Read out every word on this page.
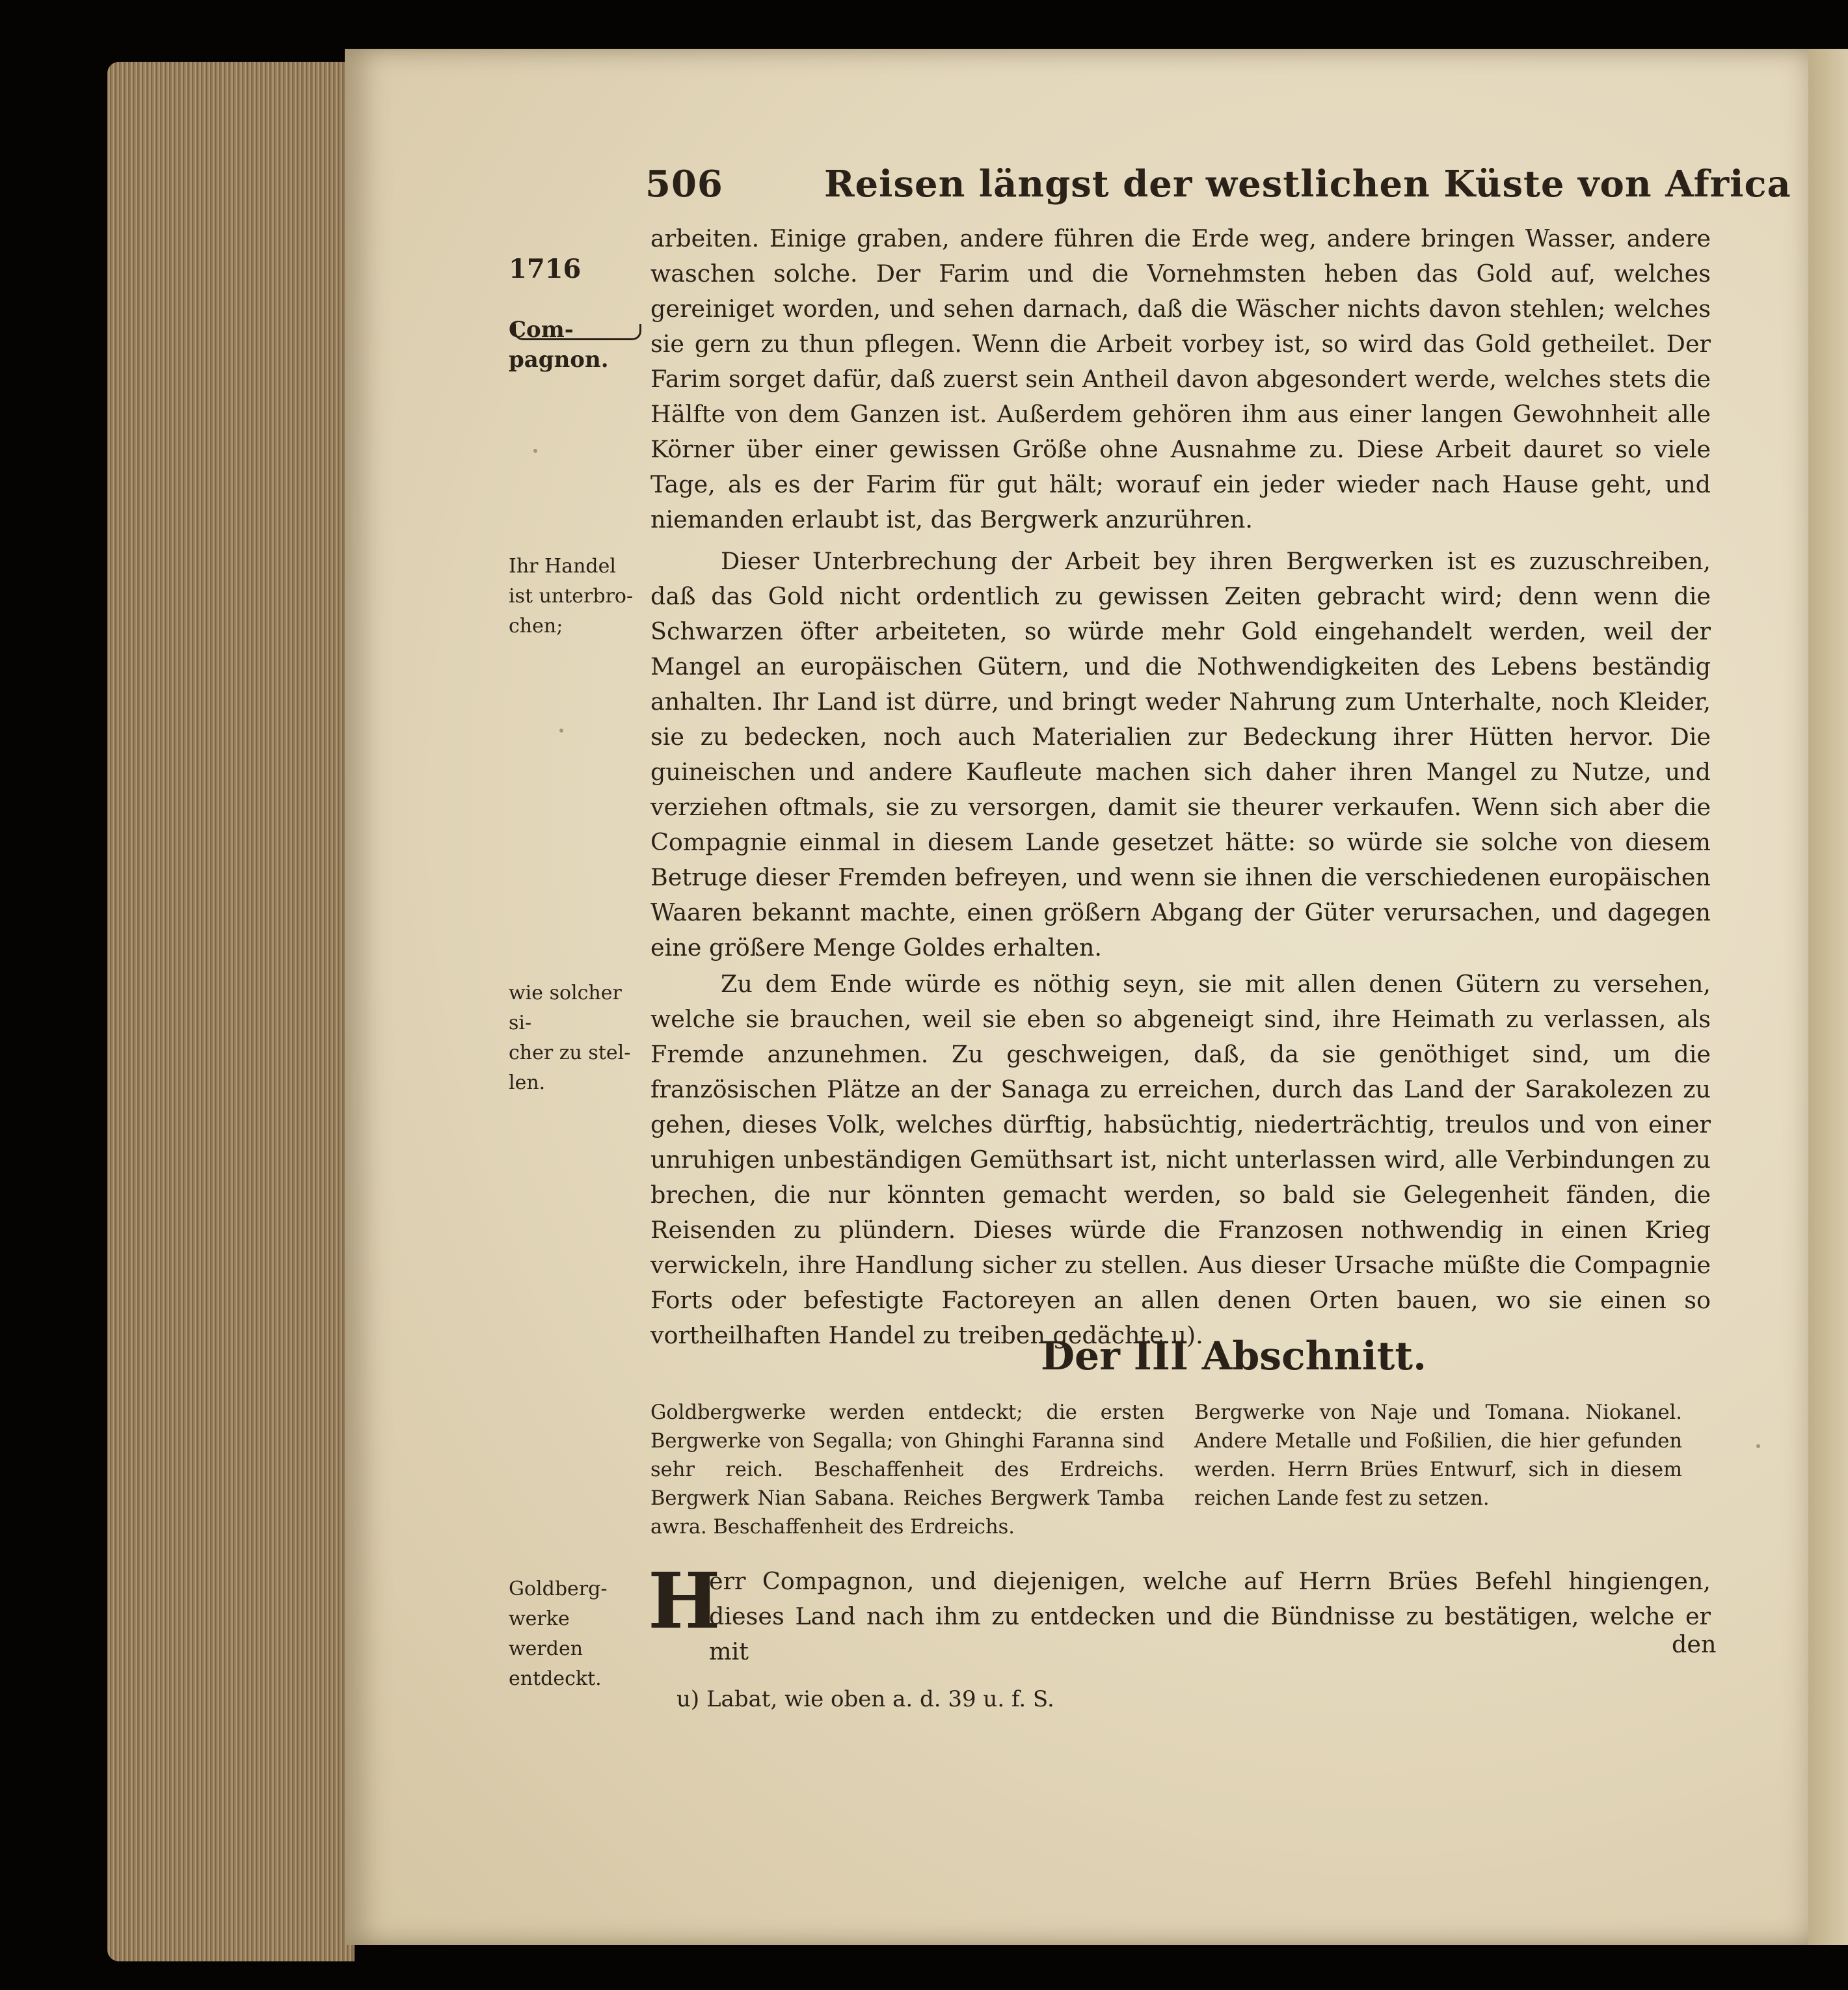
506	Reisen längst der westlichen Küste von Africa

1716

Com-
pagnon.

Ihr Handel
ist unterbro-
chen;
wie solcher si-
cher zu stel-
len.
Goldberg-
werke werden
entdeckt.

arbeiten. Einige graben, andere führen die Erde weg, andere bringen Wasser, andere waschen solche. Der Farim und die Vornehmsten heben das Gold auf, welches gereiniget worden, und sehen darnach, daß die Wäscher nichts davon stehlen; welches sie gern zu thun pflegen. Wenn die Arbeit vorbey ist, so wird das Gold getheilet. Der Farim sorget dafür, daß zuerst sein Antheil davon abgesondert werde, welches stets die Hälfte von dem Ganzen ist. Außerdem gehören ihm aus einer langen Gewohnheit alle Körner über einer gewissen Größe ohne Ausnahme zu. Diese Arbeit dauret so viele Tage, als es der Farim für gut hält; worauf ein jeder wieder nach Hause geht, und niemanden erlaubt ist, das Bergwerk anzurühren.

Dieser Unterbrechung der Arbeit bey ihren Bergwerken ist es zuzuschreiben, daß das Gold nicht ordentlich zu gewissen Zeiten gebracht wird; denn wenn die Schwarzen öfter arbeiteten, so würde mehr Gold eingehandelt werden, weil der Mangel an europäischen Gütern, und die Nothwendigkeiten des Lebens beständig anhalten. Ihr Land ist dürre, und bringt weder Nahrung zum Unterhalte, noch Kleider, sie zu bedecken, noch auch Materialien zur Bedeckung ihrer Hütten hervor. Die guineischen und andere Kaufleute machen sich daher ihren Mangel zu Nutze, und verziehen oftmals, sie zu versorgen, damit sie theurer verkaufen. Wenn sich aber die Compagnie einmal in diesem Lande gesetzet hätte: so würde sie solche von diesem Betruge dieser Fremden befreyen, und wenn sie ihnen die verschiedenen europäischen Waaren bekannt machte, einen größern Abgang der Güter verursachen, und dagegen eine größere Menge Goldes erhalten.

Zu dem Ende würde es nöthig seyn, sie mit allen denen Gütern zu versehen, welche sie brauchen, weil sie eben so abgeneigt sind, ihre Heimath zu verlassen, als Fremde anzunehmen. Zu geschweigen, daß, da sie genöthiget sind, um die französischen Plätze an der Sanaga zu erreichen, durch das Land der Sarakolezen zu gehen, dieses Volk, welches dürftig, habsüchtig, niederträchtig, treulos und von einer unruhigen unbeständigen Gemüthsart ist, nicht unterlassen wird, alle Verbindungen zu brechen, die nur könnten gemacht werden, so bald sie Gelegenheit fänden, die Reisenden zu plündern. Dieses würde die Franzosen nothwendig in einen Krieg verwickeln, ihre Handlung sicher zu stellen. Aus dieser Ursache müßte die Compagnie Forts oder befestigte Factoreyen an allen denen Orten bauen, wo sie einen so vortheilhaften Handel zu treiben gedächte u).

Der III Abschnitt.
Goldbergwerke werden entdeckt; die ersten Bergwerke von Segalla; von Ghinghi Faranna sind sehr reich. Beschaffenheit des Erdreichs. Bergwerk Nian Sabana. Reiches Bergwerk Tamba awra. Beschaffenheit des Erdreichs.
Bergwerke von Naje und Tomana. Niokanel. Andere Metalle und Foßilien, die hier gefunden werden. Herrn Brües Entwurf, sich in diesem reichen Lande fest zu setzen.
H

err Compagnon, und diejenigen, welche auf Herrn Brües Befehl hingiengen, dieses Land nach ihm zu entdecken und die Bündnisse zu bestätigen, welche er mit	den
u) Labat, wie oben a. d. 39 u. f. S.
